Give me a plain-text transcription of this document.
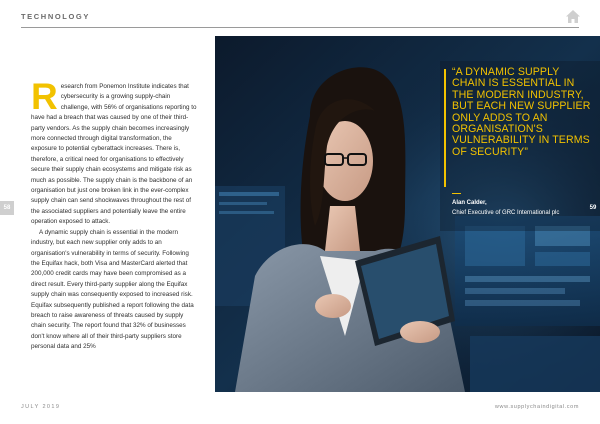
TECHNOLOGY
58

Research from Ponemon Institute indicates that cybersecurity is a growing supply-chain challenge, with 56% of organisations reporting to have had a breach that was caused by one of their third-party vendors. As the supply chain becomes increasingly more connected through digital transformation, the exposure to potential cyberattack increases. There is, therefore, a critical need for organisations to effectively secure their supply chain ecosystems and mitigate risk as much as possible. The supply chain is the backbone of an organisation but just one broken link in the ever-complex supply chain can send shockwaves throughout the rest of the associated suppliers and potentially leave the entire operation exposed to attack.

A dynamic supply chain is essential in the modern industry, but each new supplier only adds to an organisation's vulnerability in terms of security. Following the Equifax hack, both Visa and MasterCard alerted that 200,000 credit cards may have been compromised as a direct result. Every third-party supplier along the Equifax supply chain was consequently exposed to increased risk. Equifax subsequently published a report following the data breach to raise awareness of threats caused by supply chain security. The report found that 32% of businesses don't know where all of their third-party suppliers store personal data and 25%

“A DYNAMIC SUPPLY CHAIN IS ESSENTIAL IN THE MODERN INDUSTRY, BUT EACH NEW SUPPLIER ONLY ADDS TO AN ORGANISATION'S VULNERABILITY IN TERMS OF SECURITY”
Alan Calder,
Chief Executive of GRC International plc
59
JULY 2019	www.supplychaindigital.com
